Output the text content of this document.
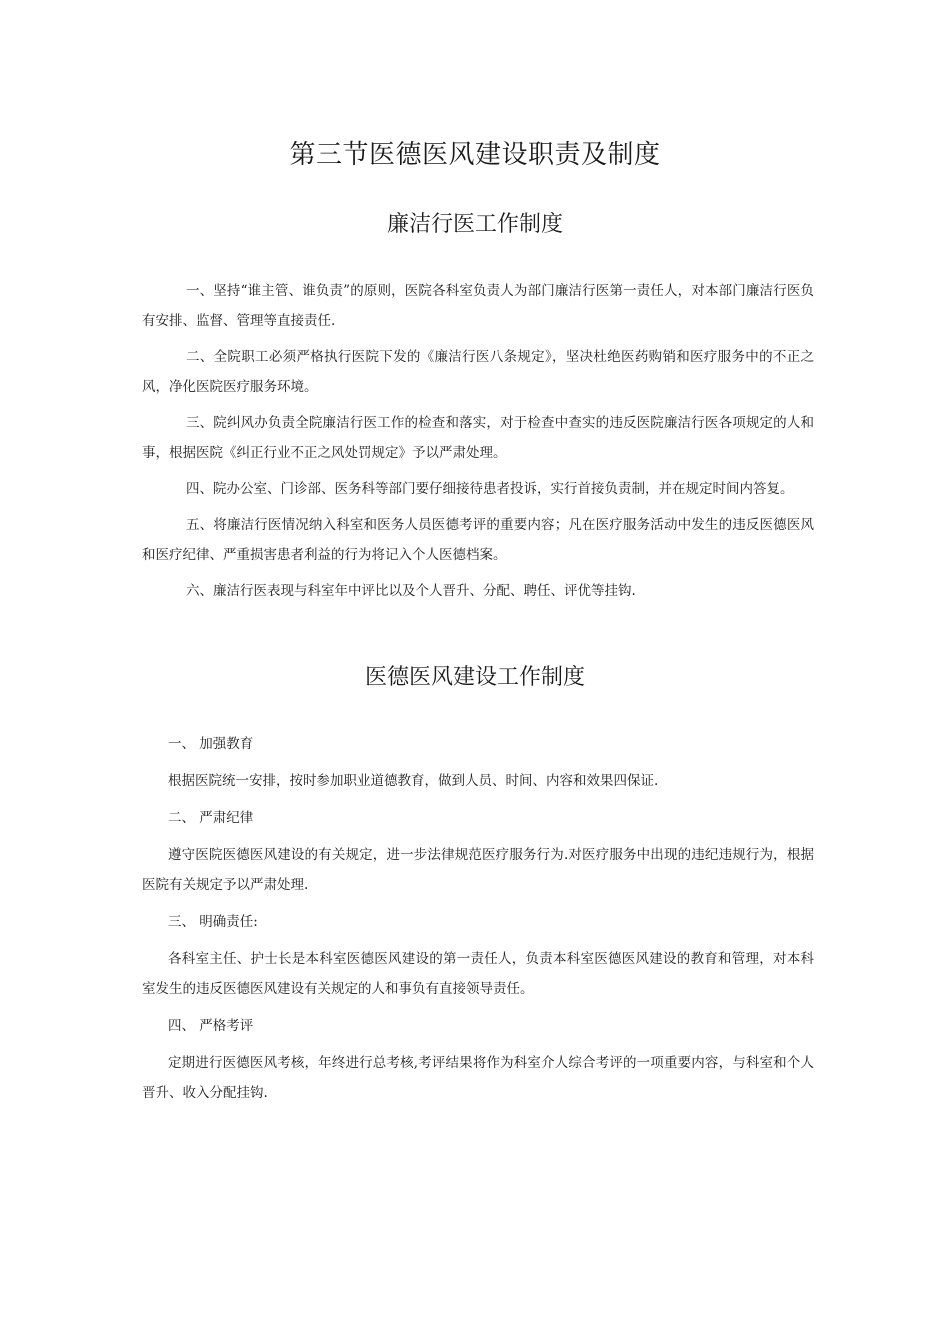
第三节医德医风建设职责及制度
廉洁行医工作制度

一、坚持“谁主管、谁负责”的原则，医院各科室负责人为部门廉洁行医第一责任人，对本部门廉洁行医负有安排、监督、管理等直接责任.

二、全院职工必须严格执行医院下发的《廉洁行医八条规定》，坚决杜绝医药购销和医疗服务中的不正之风，净化医院医疗服务环境。

三、院纠风办负责全院廉洁行医工作的检查和落实，对于检查中查实的违反医院廉洁行医各项规定的人和事，根据医院《纠正行业不正之风处罚规定》予以严肃处理。

四、院办公室、门诊部、医务科等部门要仔细接待患者投诉，实行首接负责制，并在规定时间内答复。

五、将廉洁行医情况纳入科室和医务人员医德考评的重要内容；凡在医疗服务活动中发生的违反医德医风和医疗纪律、严重损害患者利益的行为将记入个人医德档案。

六、廉洁行医表现与科室年中评比以及个人晋升、分配、聘任、评优等挂钩.

医德医风建设工作制度

一、 加强教育

根据医院统一安排，按时参加职业道德教育，做到人员、时间、内容和效果四保证.

二、 严肃纪律

遵守医院医德医风建设的有关规定，进一步法律规范医疗服务行为.对医疗服务中出现的违纪违规行为，根据医院有关规定予以严肃处理.

三、 明确责任:

各科室主任、护士长是本科室医德医风建设的第一责任人，负责本科室医德医风建设的教育和管理，对本科室发生的违反医德医风建设有关规定的人和事负有直接领导责任。

四、 严格考评

定期进行医德医风考核，年终进行总考核,考评结果将作为科室介人综合考评的一项重要内容，与科室和个人晋升、收入分配挂钩.
